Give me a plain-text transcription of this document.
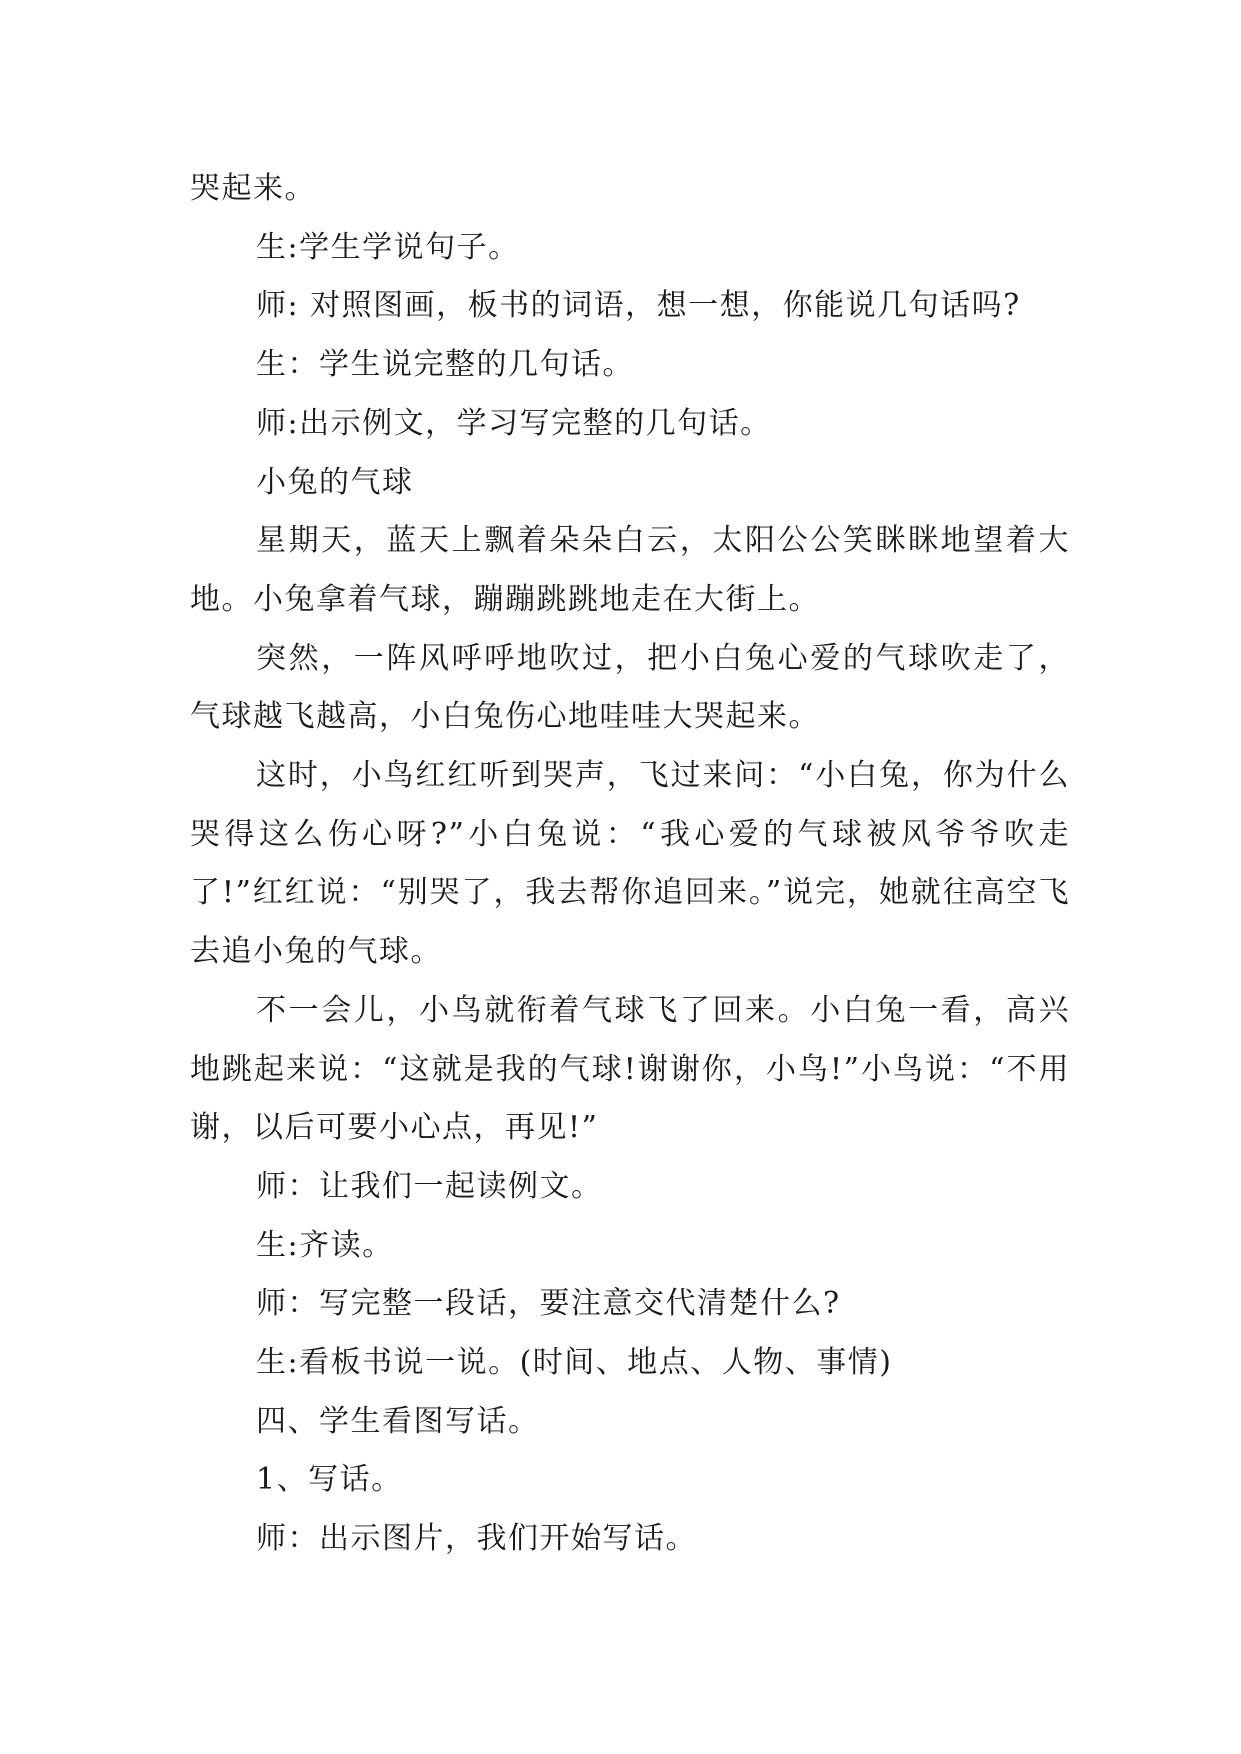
哭起来。

生:学生学说句子。

师: 对照图画，板书的词语，想一想，你能说几句话吗?

生：学生说完整的几句话。

师:出示例文，学习写完整的几句话。

小兔的气球

星期天，蓝天上飘着朵朵白云，太阳公公笑眯眯地望着大地。小兔拿着气球，蹦蹦跳跳地走在大街上。

突然，一阵风呼呼地吹过，把小白兔心爱的气球吹走了，气球越飞越高，小白兔伤心地哇哇大哭起来。

这时，小鸟红红听到哭声，飞过来问：“小白兔，你为什么哭得这么伤心呀?”小白兔说：“我心爱的气球被风爷爷吹走了!”红红说：“别哭了，我去帮你追回来。”说完，她就往高空飞去追小兔的气球。

不一会儿，小鸟就衔着气球飞了回来。小白兔一看，高兴地跳起来说：“这就是我的气球!谢谢你，小鸟!”小鸟说：“不用谢，以后可要小心点，再见!”

师：让我们一起读例文。

生:齐读。

师：写完整一段话，要注意交代清楚什么?

生:看板书说一说。(时间、地点、人物、事情)

四、学生看图写话。

1、写话。

师：出示图片，我们开始写话。
